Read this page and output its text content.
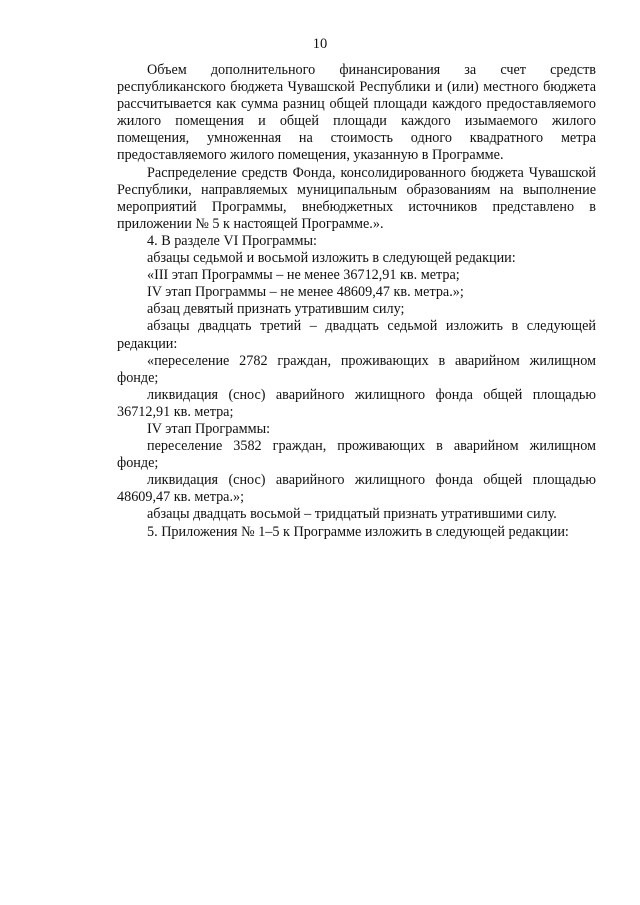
10

Объем дополнительного финансирования за счет средств республиканского бюджета Чувашской Республики и (или) местного бюджета рассчитывается как сумма разниц общей площади каждого предоставляемого жилого помещения и общей площади каждого изымаемого жилого помещения, умноженная на стоимость одного квадратного метра предоставляемого жилого помещения, указанную в Программе.

Распределение средств Фонда, консолидированного бюджета Чувашской Республики, направляемых муниципальным образованиям на выполнение мероприятий Программы, внебюджетных источников представлено в приложении № 5 к настоящей Программе.».

4. В разделе VI Программы:

абзацы седьмой и восьмой изложить в следующей редакции:

«III этап Программы – не менее 36712,91 кв. метра;

IV этап Программы – не менее 48609,47 кв. метра.»;

абзац девятый признать утратившим силу;

абзацы двадцать третий – двадцать седьмой изложить в следующей редакции:

«переселение 2782 граждан, проживающих в аварийном жилищном фонде;

ликвидация (снос) аварийного жилищного фонда общей площадью 36712,91 кв. метра;

IV этап Программы:

переселение 3582 граждан, проживающих в аварийном жилищном фонде;

ликвидация (снос) аварийного жилищного фонда общей площадью 48609,47 кв. метра.»;

абзацы двадцать восьмой – тридцатый признать утратившими силу.

5. Приложения № 1–5 к Программе изложить в следующей редакции:
